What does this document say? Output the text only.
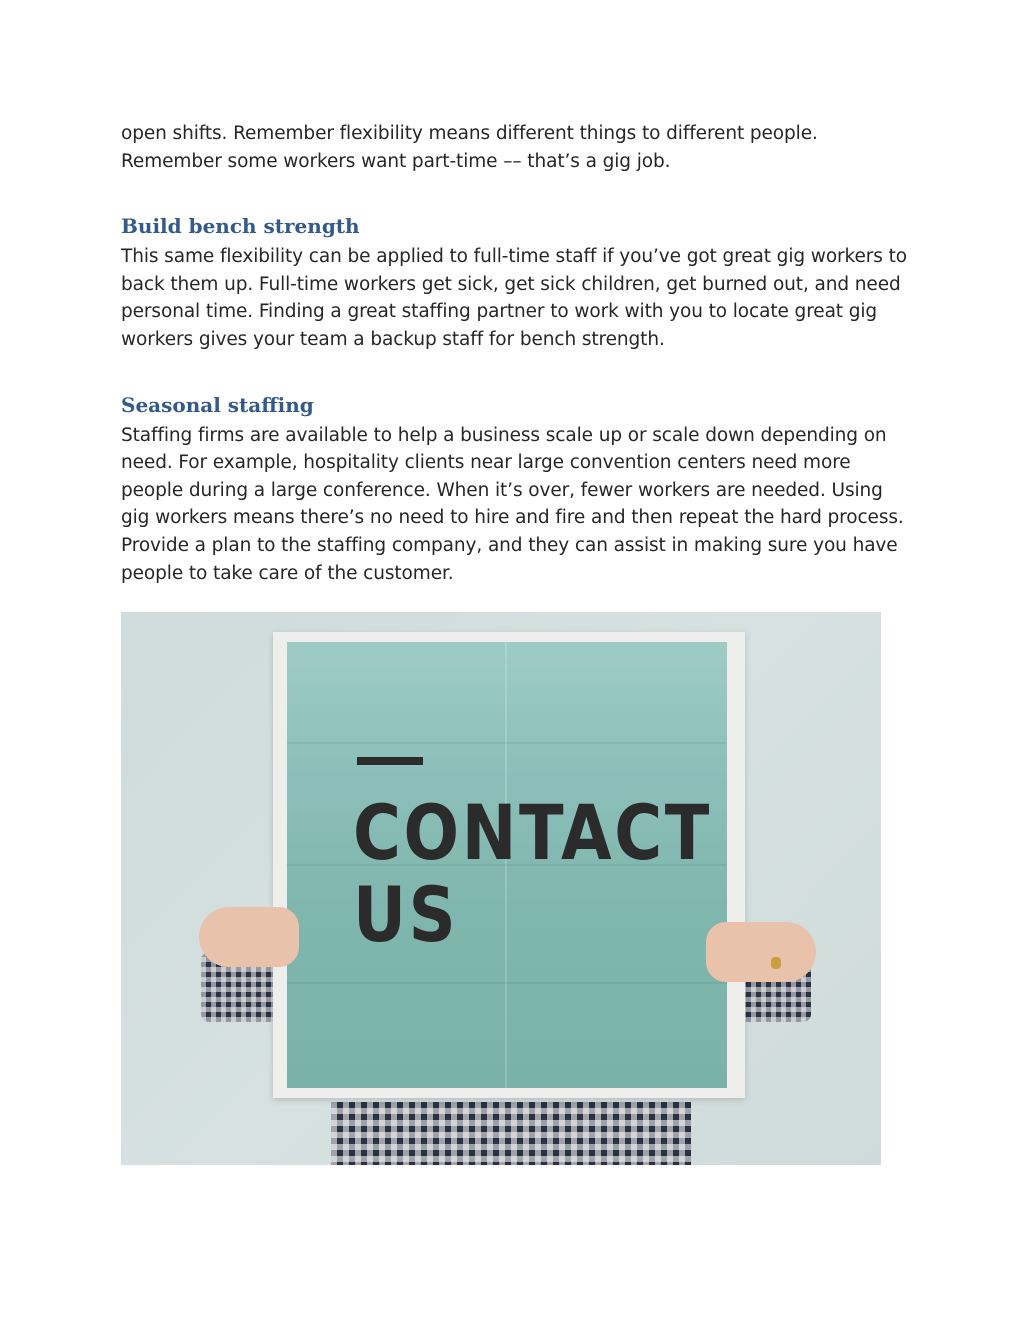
open shifts. Remember flexibility means different things to different people. Remember some workers want part-time –– that’s a gig job.

Build bench strength

This same flexibility can be applied to full-time staff if you’ve got great gig workers to back them up. Full-time workers get sick, get sick children, get burned out, and need personal time. Finding a great staffing partner to work with you to locate great gig workers gives your team a backup staff for bench strength.

Seasonal staffing

Staffing firms are available to help a business scale up or scale down depending on need. For example, hospitality clients near large convention centers need more people during a large conference. When it’s over, fewer workers are needed. Using gig workers means there’s no need to hire and fire and then repeat the hard process. Provide a plan to the staffing company, and they can assist in making sure you have people to take care of the customer.

CONTACT
US
